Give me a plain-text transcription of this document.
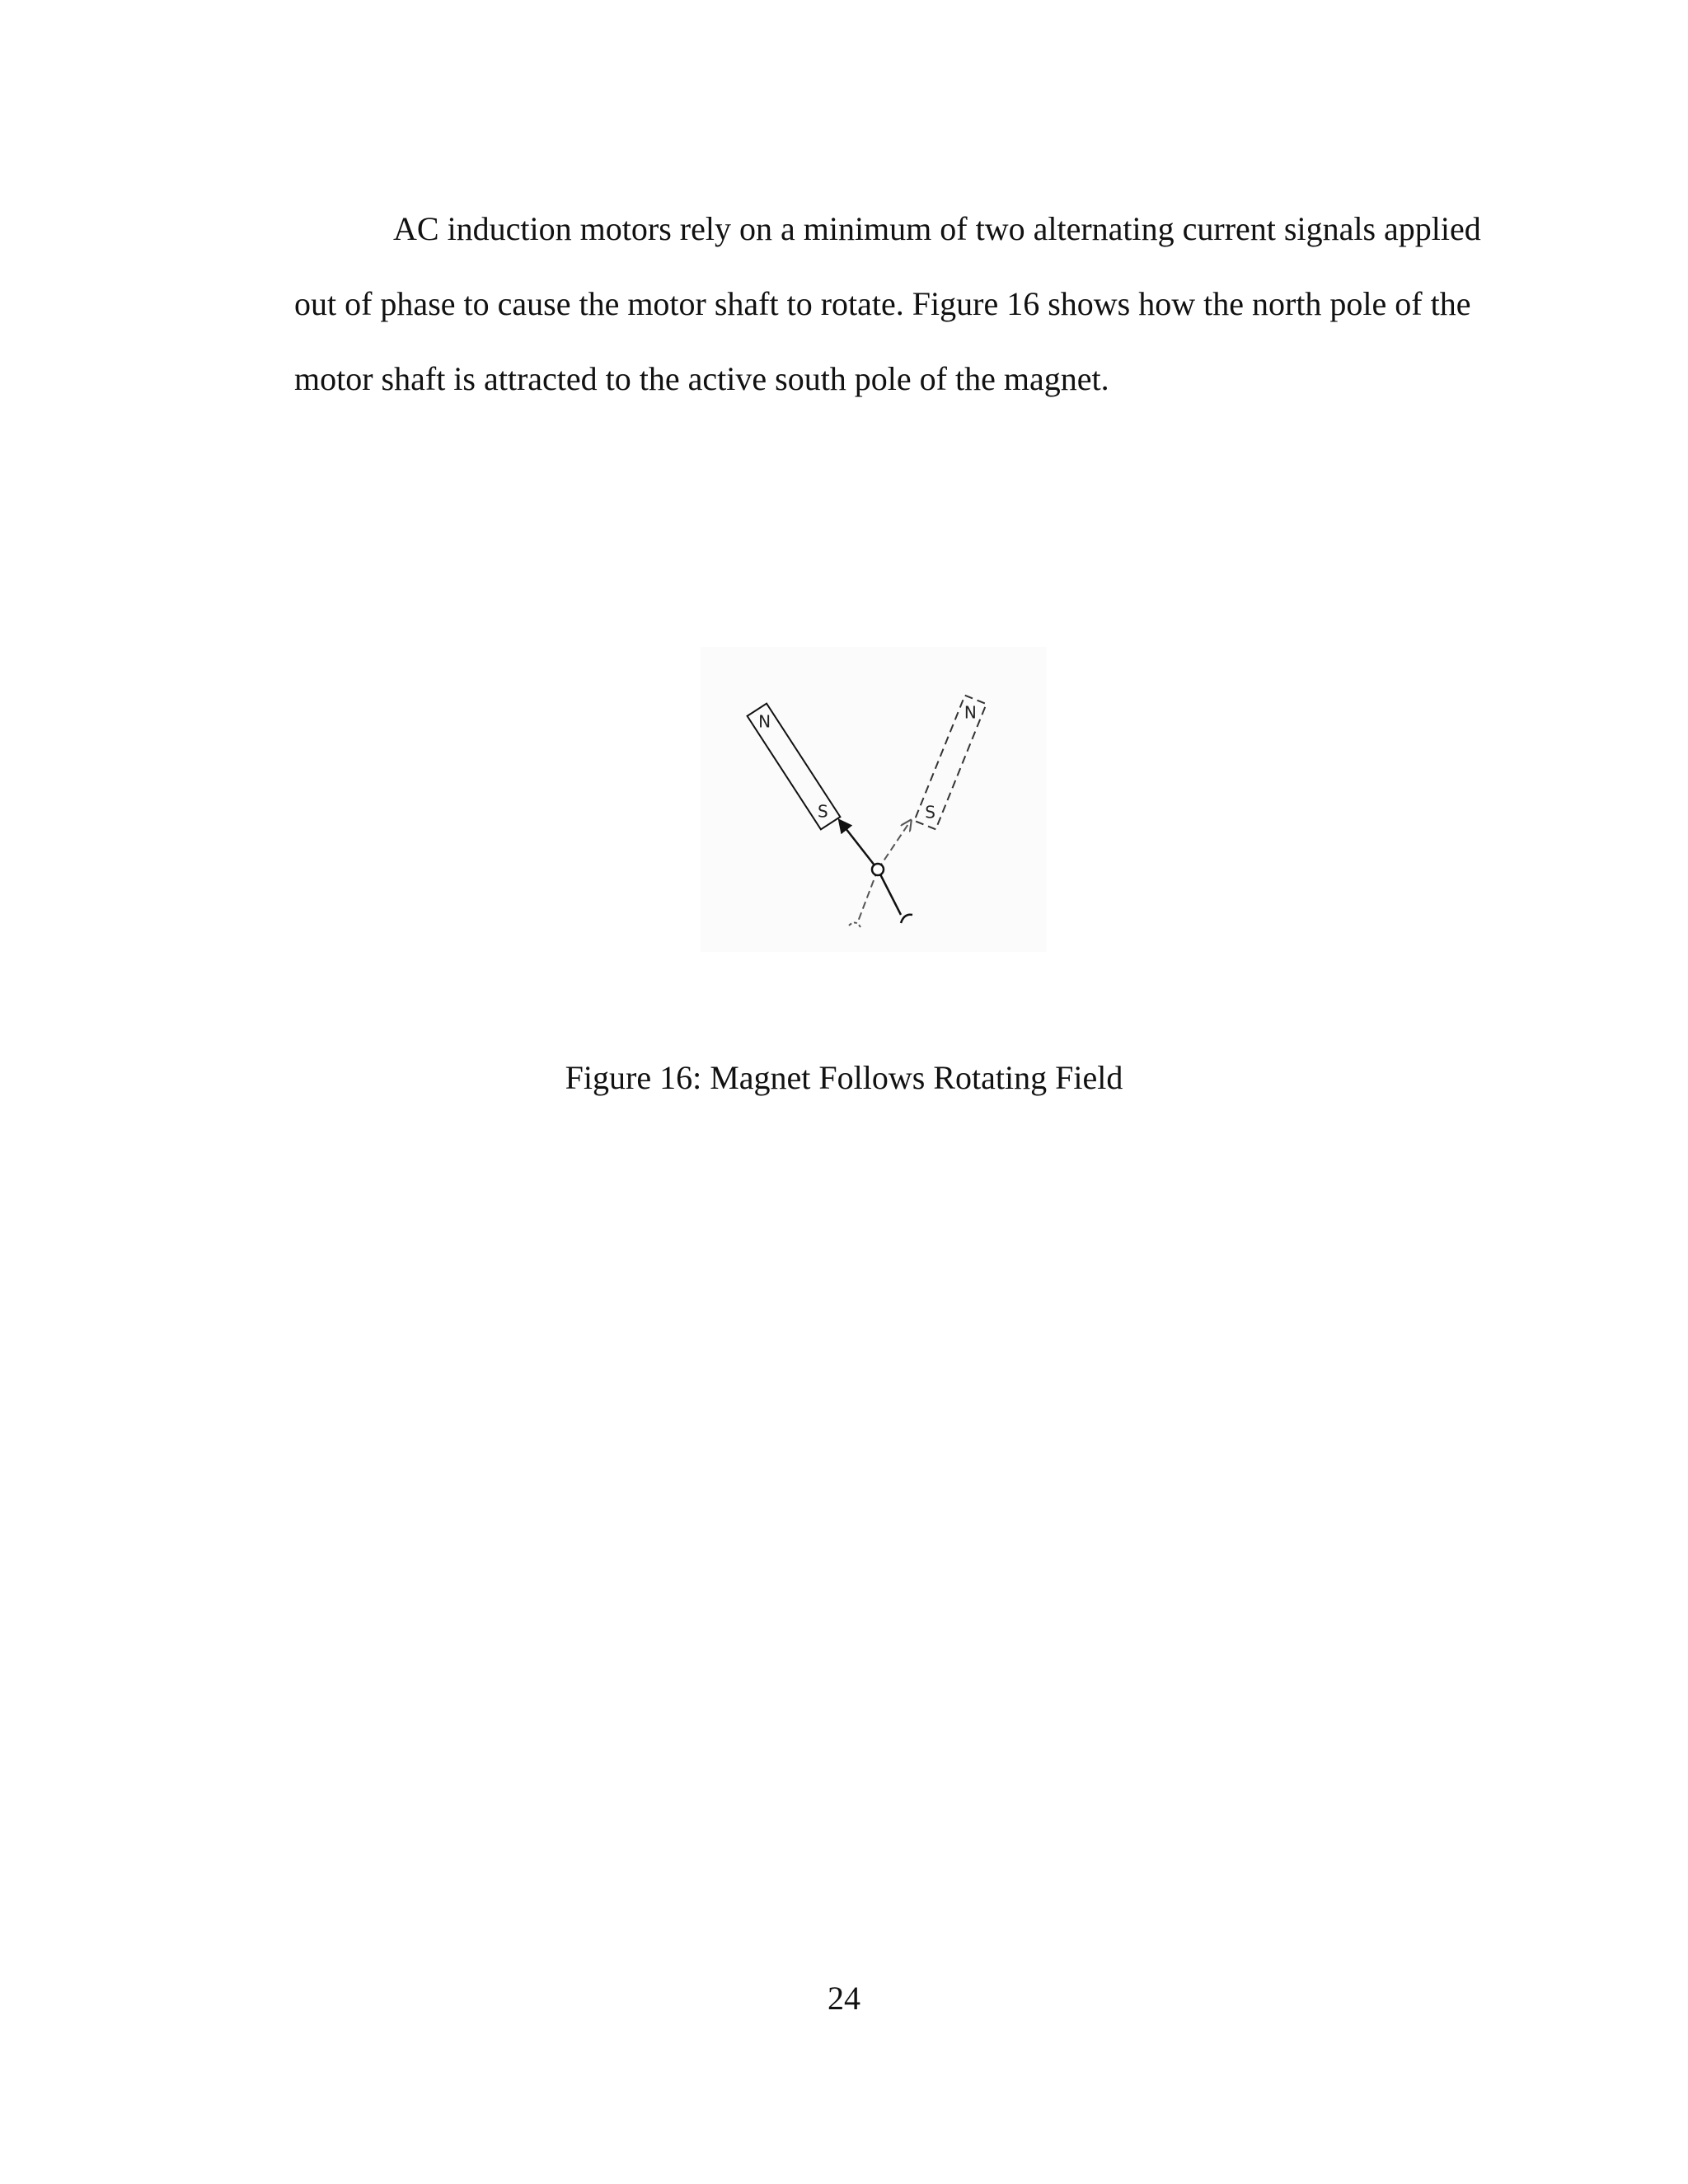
AC induction motors rely on a minimum of two alternating current signals applied
out of phase to cause the motor shaft to rotate. Figure 16 shows how the north pole of the
motor shaft is attracted to the active south pole of the magnet.

N
S
N
S

Figure 16: Magnet Follows Rotating Field

24
